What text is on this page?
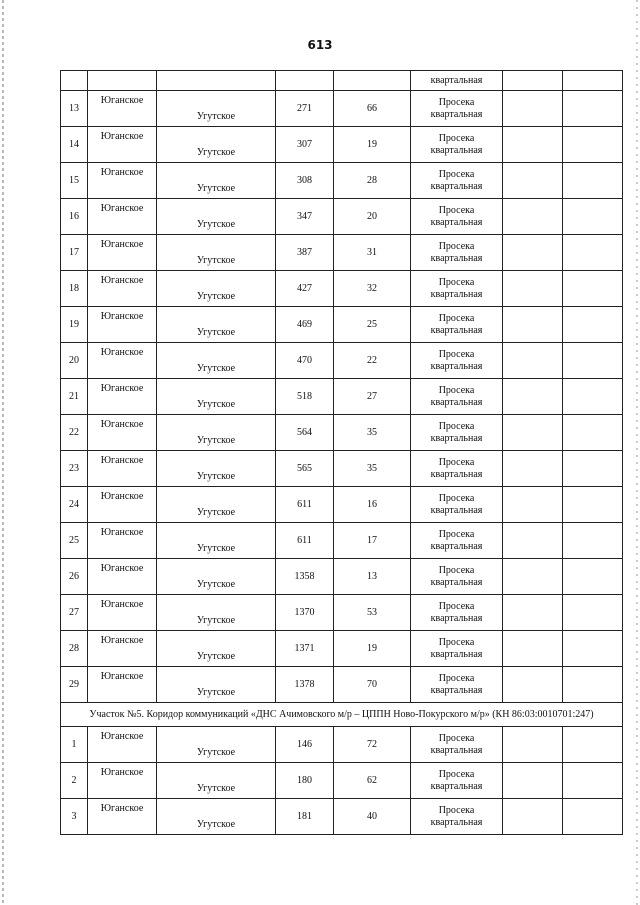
613
					квартальная		
13	Юганское	Угутское	271	66	Просека
квартальная		

14	Юганское	Угутское	307	19	Просека
квартальная		

15	Юганское	Угутское	308	28	Просека
квартальная		

16	Юганское	Угутское	347	20	Просека
квартальная		

17	Юганское	Угутское	387	31	Просека
квартальная		

18	Юганское	Угутское	427	32	Просека
квартальная		

19	Юганское	Угутское	469	25	Просека
квартальная		

20	Юганское	Угутское	470	22	Просека
квартальная		

21	Юганское	Угутское	518	27	Просека
квартальная		

22	Юганское	Угутское	564	35	Просека
квартальная		

23	Юганское	Угутское	565	35	Просека
квартальная		

24	Юганское	Угутское	611	16	Просека
квартальная		

25	Юганское	Угутское	611	17	Просека
квартальная		

26	Юганское	Угутское	1358	13	Просека
квартальная		

27	Юганское	Угутское	1370	53	Просека
квартальная		

28	Юганское	Угутское	1371	19	Просека
квартальная		

29	Юганское	Угутское	1378	70	Просека
квартальная		

Участок №5. Коридор коммуникаций «ДНС Ачимовского м/р – ЦППН Ново-Покурского м/р» (КН 86:03:0010701:247)							
1	Юганское	Угутское	146	72	Просека
квартальная		

2	Юганское	Угутское	180	62	Просека
квартальная		

3	Юганское	Угутское	181	40	Просека
квартальная		
